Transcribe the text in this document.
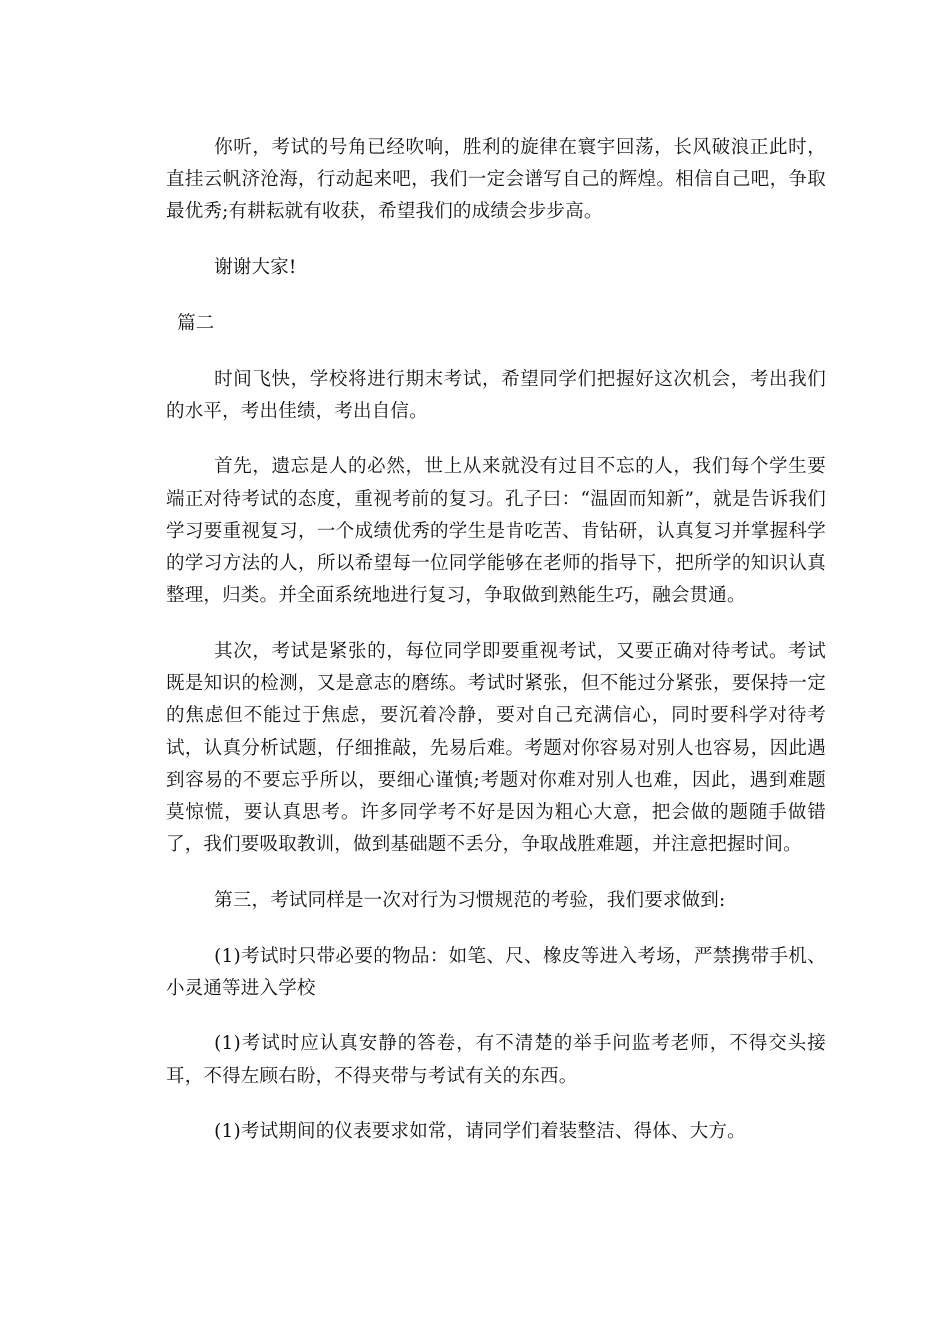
你听，考试的号角已经吹响，胜利的旋律在寰宇回荡，长风破浪正此时，直挂云帆济沧海，行动起来吧，我们一定会谱写自己的辉煌。相信自己吧，争取最优秀;有耕耘就有收获，希望我们的成绩会步步高。

谢谢大家!

篇二

时间飞快，学校将进行期末考试，希望同学们把握好这次机会，考出我们的水平，考出佳绩，考出自信。

首先，遗忘是人的必然，世上从来就没有过目不忘的人，我们每个学生要端正对待考试的态度，重视考前的复习。孔子曰：“温固而知新”，就是告诉我们学习要重视复习，一个成绩优秀的学生是肯吃苦、肯钻研，认真复习并掌握科学的学习方法的人，所以希望每一位同学能够在老师的指导下，把所学的知识认真整理，归类。并全面系统地进行复习，争取做到熟能生巧，融会贯通。

其次，考试是紧张的，每位同学即要重视考试，又要正确对待考试。考试既是知识的检测，又是意志的磨练。考试时紧张，但不能过分紧张，要保持一定的焦虑但不能过于焦虑，要沉着冷静，要对自己充满信心，同时要科学对待考试，认真分析试题，仔细推敲，先易后难。考题对你容易对别人也容易，因此遇到容易的不要忘乎所以，要细心谨慎;考题对你难对别人也难，因此，遇到难题莫惊慌，要认真思考。许多同学考不好是因为粗心大意，把会做的题随手做错了，我们要吸取教训，做到基础题不丢分，争取战胜难题，并注意把握时间。

第三，考试同样是一次对行为习惯规范的考验，我们要求做到:

(1)考试时只带必要的物品：如笔、尺、橡皮等进入考场，严禁携带手机、小灵通等进入学校

(1)考试时应认真安静的答卷，有不清楚的举手问监考老师，不得交头接耳，不得左顾右盼，不得夹带与考试有关的东西。

(1)考试期间的仪表要求如常，请同学们着装整洁、得体、大方。
